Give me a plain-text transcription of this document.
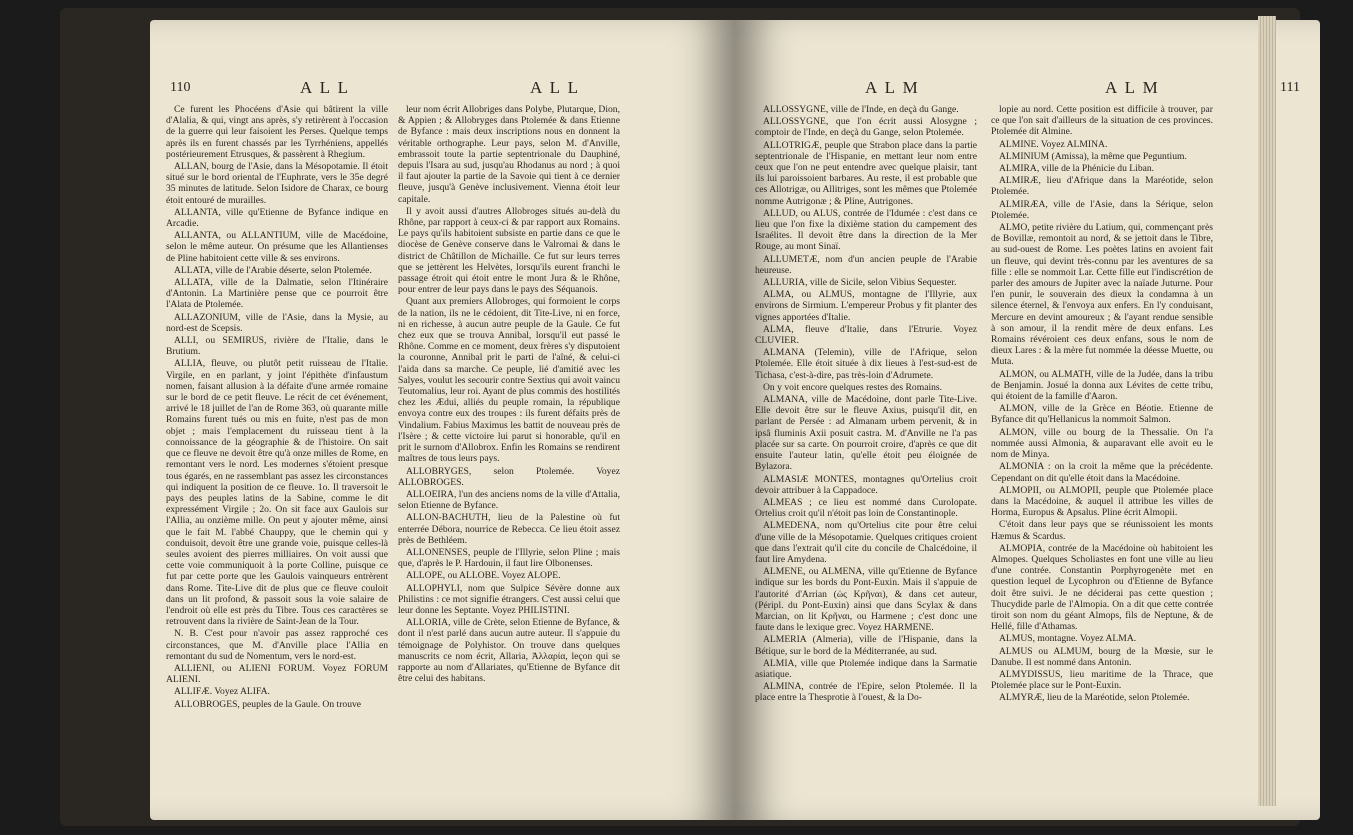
110	A L L	A L L

Ce furent les Phocéens d'Asie qui bâtirent la ville d'Alalia, & qui, vingt ans après, s'y retirèrent à l'occasion de la guerre qui leur faisoient les Perses. Quelque temps après ils en furent chassés par les Tyrrhéniens, appellés postérieurement Etrusques, & passèrent à Rhegium.

ALLAN, bourg de l'Asie, dans la Mésopotamie. Il étoit situé sur le bord oriental de l'Euphrate, vers le 35e degré 35 minutes de latitude. Selon Isidore de Charax, ce bourg étoit entouré de murailles.

ALLANTA, ville qu'Etienne de Byfance indique en Arcadie.

ALLANTA, ou ALLANTIUM, ville de Macédoine, selon le même auteur. On présume que les Allantienses de Pline habitoient cette ville & ses environs.

ALLATA, ville de l'Arabie déserte, selon Ptolemée.

ALLATA, ville de la Dalmatie, selon l'Itinéraire d'Antonin. La Martinière pense que ce pourroit être l'Alata de Ptolemée.

ALLAZONIUM, ville de l'Asie, dans la Mysie, au nord-est de Scepsis.

ALLI, ou SEMIRUS, rivière de l'Italie, dans le Brutium.

ALLIA, fleuve, ou plutôt petit ruisseau de l'Italie. Virgile, en en parlant, y joint l'épithète d'infaustum nomen, faisant allusion à la défaite d'une armée romaine sur le bord de ce petit fleuve. Le récit de cet événement, arrivé le 18 juillet de l'an de Rome 363, où quarante mille Romains furent tués ou mis en fuite, n'est pas de mon objet ; mais l'emplacement du ruisseau tient à la connoissance de la géographie & de l'histoire. On sait que ce fleuve ne devoit être qu'à onze milles de Rome, en remontant vers le nord. Les modernes s'étoient presque tous égarés, en ne rassemblant pas assez les circonstances qui indiquent la position de ce fleuve. 1o. Il traversoit le pays des peuples latins de la Sabine, comme le dit expressément Virgile ; 2o. On sit face aux Gaulois sur l'Allia, au onzième mille. On peut y ajouter même, ainsi que le fait M. l'abbé Chauppy, que le chemin qui y conduisoit, devoit être une grande voie, puisque celles-là seules avoient des pierres milliaires. On voit aussi que cette voie communiquoit à la porte Colline, puisque ce fut par cette porte que les Gaulois vainqueurs entrèrent dans Rome. Tite-Live dit de plus que ce fleuve couloit dans un lit profond, & passoit sous la voie salaire de l'endroit où elle est près du Tibre. Tous ces caractères se retrouvent dans la rivière de Saint-Jean de la Tour.

N. B. C'est pour n'avoir pas assez rapproché ces circonstances, que M. d'Anville place l'Allia en remontant du sud de Nomentum, vers le nord-est.

ALLIENI, ou ALIENI FORUM. Voyez FORUM ALIENI.

ALLIFÆ. Voyez ALIFA.

ALLOBROGES, peuples de la Gaule. On trouve

leur nom écrit Allobriges dans Polybe, Plutarque, Dion, & Appien ; & Allobryges dans Ptolemée & dans Etienne de Byfance : mais deux inscriptions nous en donnent la véritable orthographe. Leur pays, selon M. d'Anville, embrassoit toute la partie septentrionale du Dauphiné, depuis l'Isara au sud, jusqu'au Rhodanus au nord ; à quoi il faut ajouter la partie de la Savoie qui tient à ce dernier fleuve, jusqu'à Genève inclusivement. Vienna étoit leur capitale.

Il y avoit aussi d'autres Allobroges situés au-delà du Rhône, par rapport à ceux-ci & par rapport aux Romains. Le pays qu'ils habitoient subsiste en partie dans ce que le diocèse de Genève conserve dans le Valromai & dans le district de Châtillon de Michaille. Ce fut sur leurs terres que se jettèrent les Helvètes, lorsqu'ils eurent franchi le passage étroit qui étoit entre le mont Jura & le Rhône, pour entrer de leur pays dans le pays des Séquanois.

Quant aux premiers Allobroges, qui formoient le corps de la nation, ils ne le cédoient, dit Tite-Live, ni en force, ni en richesse, à aucun autre peuple de la Gaule. Ce fut chez eux que se trouva Annibal, lorsqu'il eut passé le Rhône. Comme en ce moment, deux frères s'y disputoient la couronne, Annibal prit le parti de l'aîné, & celui-ci l'aida dans sa marche. Ce peuple, lié d'amitié avec les Salyes, voulut les secourir contre Sextius qui avoit vaincu Teutomalius, leur roi. Ayant de plus commis des hostilités chez les Ædui, alliés du peuple romain, la république envoya contre eux des troupes : ils furent défaits près de Vindalium. Fabius Maximus les battit de nouveau près de l'Isère ; & cette victoire lui parut si honorable, qu'il en prit le surnom d'Allobrox. Enfin les Romains se rendirent maîtres de tous leurs pays.

ALLOBRYGES, selon Ptolemée. Voyez ALLOBROGES.

ALLOEIRA, l'un des anciens noms de la ville d'Attalia, selon Etienne de Byfance.

ALLON-BACHUTH, lieu de la Palestine où fut enterrée Débora, nourrice de Rebecca. Ce lieu étoit assez près de Bethléem.

ALLONENSES, peuple de l'Illyrie, selon Pline ; mais que, d'après le P. Hardouin, il faut lire Olbonenses.

ALLOPE, ou ALLOBE. Voyez ALOPE.

ALLOPHYLI, nom que Sulpice Sévère donne aux Philistins : ce mot signifie étrangers. C'est aussi celui que leur donne les Septante. Voyez PHILISTINI.

ALLORIA, ville de Crète, selon Etienne de Byfance, & dont il n'est parlé dans aucun autre auteur. Il s'appuie du témoignage de Polyhistor. On trouve dans quelques manuscrits ce nom écrit, Allaria, Ἀλλαρία, leçon qui se rapporte au nom d'Allariates, qu'Etienne de Byfance dit être celui des habitans.

A L M	A L M	111

ALLOSSYGNE, ville de l'Inde, en deçà du Gange.

ALLOSSYGNE, que l'on écrit aussi Alosygne ; comptoir de l'Inde, en deçà du Gange, selon Ptolemée.

ALLOTRIGÆ, peuple que Strabon place dans la partie septentrionale de l'Hispanie, en mettant leur nom entre ceux que l'on ne peut entendre avec quelque plaisir, tant ils lui paroissoient barbares. Au reste, il est probable que ces Allotrigæ, ou Allitriges, sont les mêmes que Ptolemée nomme Autrigonæ ; & Pline, Autrigones.

ALLUD, ou ALUS, contrée de l'Idumée : c'est dans ce lieu que l'on fixe la dixième station du campement des Israélites. Il devoit être dans la direction de la Mer Rouge, au mont Sinaï.

ALLUMETÆ, nom d'un ancien peuple de l'Arabie heureuse.

ALLURIA, ville de Sicile, selon Vibius Sequester.

ALMA, ou ALMUS, montagne de l'Illyrie, aux environs de Sirmium. L'empereur Probus y fit planter des vignes apportées d'Italie.

ALMA, fleuve d'Italie, dans l'Etrurie. Voyez CLUVIER.

ALMANA (Telemin), ville de l'Afrique, selon Ptolemée. Elle étoit située à dix lieues à l'est-sud-est de Tichasa, c'est-à-dire, pas très-loin d'Adrumete.

On y voit encore quelques restes des Romains.

ALMANA, ville de Macédoine, dont parle Tite-Live. Elle devoit être sur le fleuve Axius, puisqu'il dit, en parlant de Persée : ad Almanam urbem pervenit, & in ipsâ fluminis Axii posuit castra. M. d'Anville ne l'a pas placée sur sa carte. On pourroit croire, d'après ce que dit ensuite l'auteur latin, qu'elle étoit peu éloignée de Bylazora.

ALMASIÆ MONTES, montagnes qu'Ortelius croit devoir attribuer à la Cappadoce.

ALMEAS ; ce lieu est nommé dans Curolopate. Ortelius croit qu'il n'étoit pas loin de Constantinople.

ALMEDENA, nom qu'Ortelius cite pour être celui d'une ville de la Mésopotamie. Quelques critiques croient que dans l'extrait qu'il cite du concile de Chalcédoine, il faut lire Amydena.

ALMENE, ou ALMENA, ville qu'Etienne de Byfance indique sur les bords du Pont-Euxin. Mais il s'appuie de l'autorité d'Arrian (ὡς Κρῆναι), & dans cet auteur, (Péripl. du Pont-Euxin) ainsi que dans Scylax & dans Marcian, on lit Κρῆναι, ou Harmene ; c'est donc une faute dans le lexique grec. Voyez HARMENE.

ALMERIA (Almeria), ville de l'Hispanie, dans la Bétique, sur le bord de la Méditerranée, au sud.

ALMIA, ville que Ptolemée indique dans la Sarmatie asiatique.

ALMINA, contrée de l'Epire, selon Ptolemée. Il la place entre la Thesprotie à l'ouest, & la Do-

lopie au nord. Cette position est difficile à trouver, par ce que l'on sait d'ailleurs de la situation de ces provinces. Ptolemée dit Almine.

ALMINE. Voyez ALMINA.

ALMINIUM (Amissa), la même que Peguntium.

ALMIRA, ville de la Phénicie du Liban.

ALMIRÆ, lieu d'Afrique dans la Maréotide, selon Ptolemée.

ALMIRÆA, ville de l'Asie, dans la Sérique, selon Ptolemée.

ALMO, petite rivière du Latium, qui, commençant près de Bovillæ, remontoit au nord, & se jettoit dans le Tibre, au sud-ouest de Rome. Les poètes latins en avoient fait un fleuve, qui devint très-connu par les aventures de sa fille : elle se nommoit Lar. Cette fille eut l'indiscrétion de parler des amours de Jupiter avec la naïade Juturne. Pour l'en punir, le souverain des dieux la condamna à un silence éternel, & l'envoya aux enfers. En l'y conduisant, Mercure en devint amoureux ; & l'ayant rendue sensible à son amour, il la rendit mère de deux enfans. Les Romains révéroient ces deux enfans, sous le nom de dieux Lares : & la mère fut nommée la déesse Muette, ou Muta.

ALMON, ou ALMATH, ville de la Judée, dans la tribu de Benjamin. Josué la donna aux Lévites de cette tribu, qui étoient de la famille d'Aaron.

ALMON, ville de la Grèce en Béotie. Etienne de Byfance dit qu'Hellanicus la nommoit Salmon.

ALMON, ville ou bourg de la Thessalie. On l'a nommée aussi Almonia, & auparavant elle avoit eu le nom de Minya.

ALMONIA : on la croit la même que la précédente. Cependant on dit qu'elle étoit dans la Macédoine.

ALMOPII, ou ALMOPII, peuple que Ptolemée place dans la Macédoine, & auquel il attribue les villes de Horma, Europus & Apsalus. Pline écrit Almopii.

C'étoit dans leur pays que se réunissoient les monts Hæmus & Scardus.

ALMOPIA, contrée de la Macédoine où habitoient les Almopes. Quelques Scholiastes en font une ville au lieu d'une contrée. Constantin Porphyrogenète met en question lequel de Lycophron ou d'Etienne de Byfance doit être suivi. Je ne déciderai pas cette question ; Thucydide parle de l'Almopia. On a dit que cette contrée tiroit son nom du géant Almops, fils de Neptune, & de Hellé, fille d'Athamas.

ALMUS, montagne. Voyez ALMA.

ALMUS ou ALMUM, bourg de la Mœsie, sur le Danube. Il est nommé dans Antonin.

ALMYDISSUS, lieu maritime de la Thrace, que Ptolemée place sur le Pont-Euxin.

ALMYRÆ, lieu de la Maréotide, selon Ptolemée.
